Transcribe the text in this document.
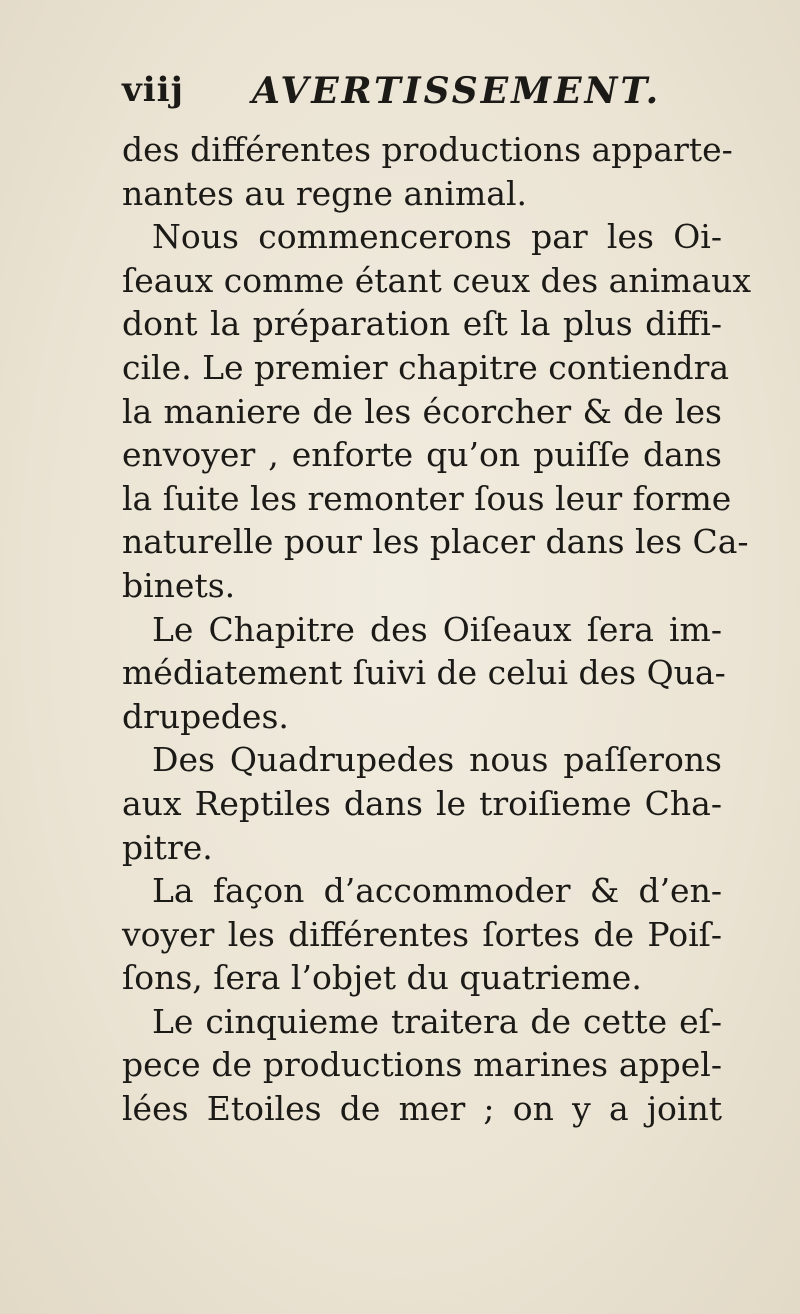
viij AVERTISSEMENT.
des différentes productions apparte-
nantes au regne animal.
Nous commencerons par les Oi-
ſeaux comme étant ceux des animaux
dont la préparation eſt la plus diffi-
cile. Le premier chapitre contiendra
la maniere de les écorcher & de les
envoyer , enforte qu’on puiſſe dans
la ſuite les remonter ſous leur forme
naturelle pour les placer dans les Ca-
binets.
Le Chapitre des Oiſeaux ſera im-
médiatement ſuivi de celui des Qua-
drupedes.
Des Quadrupedes nous paſſerons
aux Reptiles dans le troiſieme Cha-
pitre.
La façon d’accommoder & d’en-
voyer les différentes ſortes de Poiſ-
ſons, ſera l’objet du quatrieme.
Le cinquieme traitera de cette eſ-
pece de productions marines appel-
lées Etoiles de mer ; on y a joint
